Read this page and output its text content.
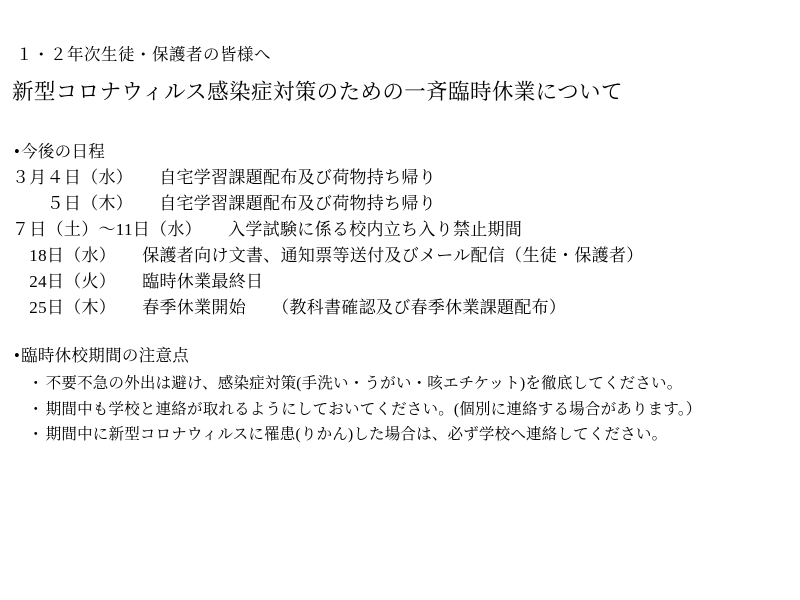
１・２年次生徒・保護者の皆様へ

新型コロナウィルス感染症対策のための一斉臨時休業について
• 今後の日程
３月４日（水）　　自宅学習課題配布及び荷物持ち帰り
　　５日（木）　　自宅学習課題配布及び荷物持ち帰り
７日（土）～11日（水）　　入学試験に係る校内立ち入り禁止期間
　18日（水）　　保護者向け文書、通知票等送付及びメール配信（生徒・保護者）
　24日（火）　　臨時休業最終日
　25日（木）　　春季休業開始　　（教科書確認及び春季休業課題配布）
• 臨時休校期間の注意点
・ 不要不急の外出は避け、感染症対策(手洗い・うがい・咳エチケット)を徹底してください。
・ 期間中も学校と連絡が取れるようにしておいてください。(個別に連絡する場合があります。）
・ 期間中に新型コロナウィルスに罹患(りかん)した場合は、必ず学校へ連絡してください。
